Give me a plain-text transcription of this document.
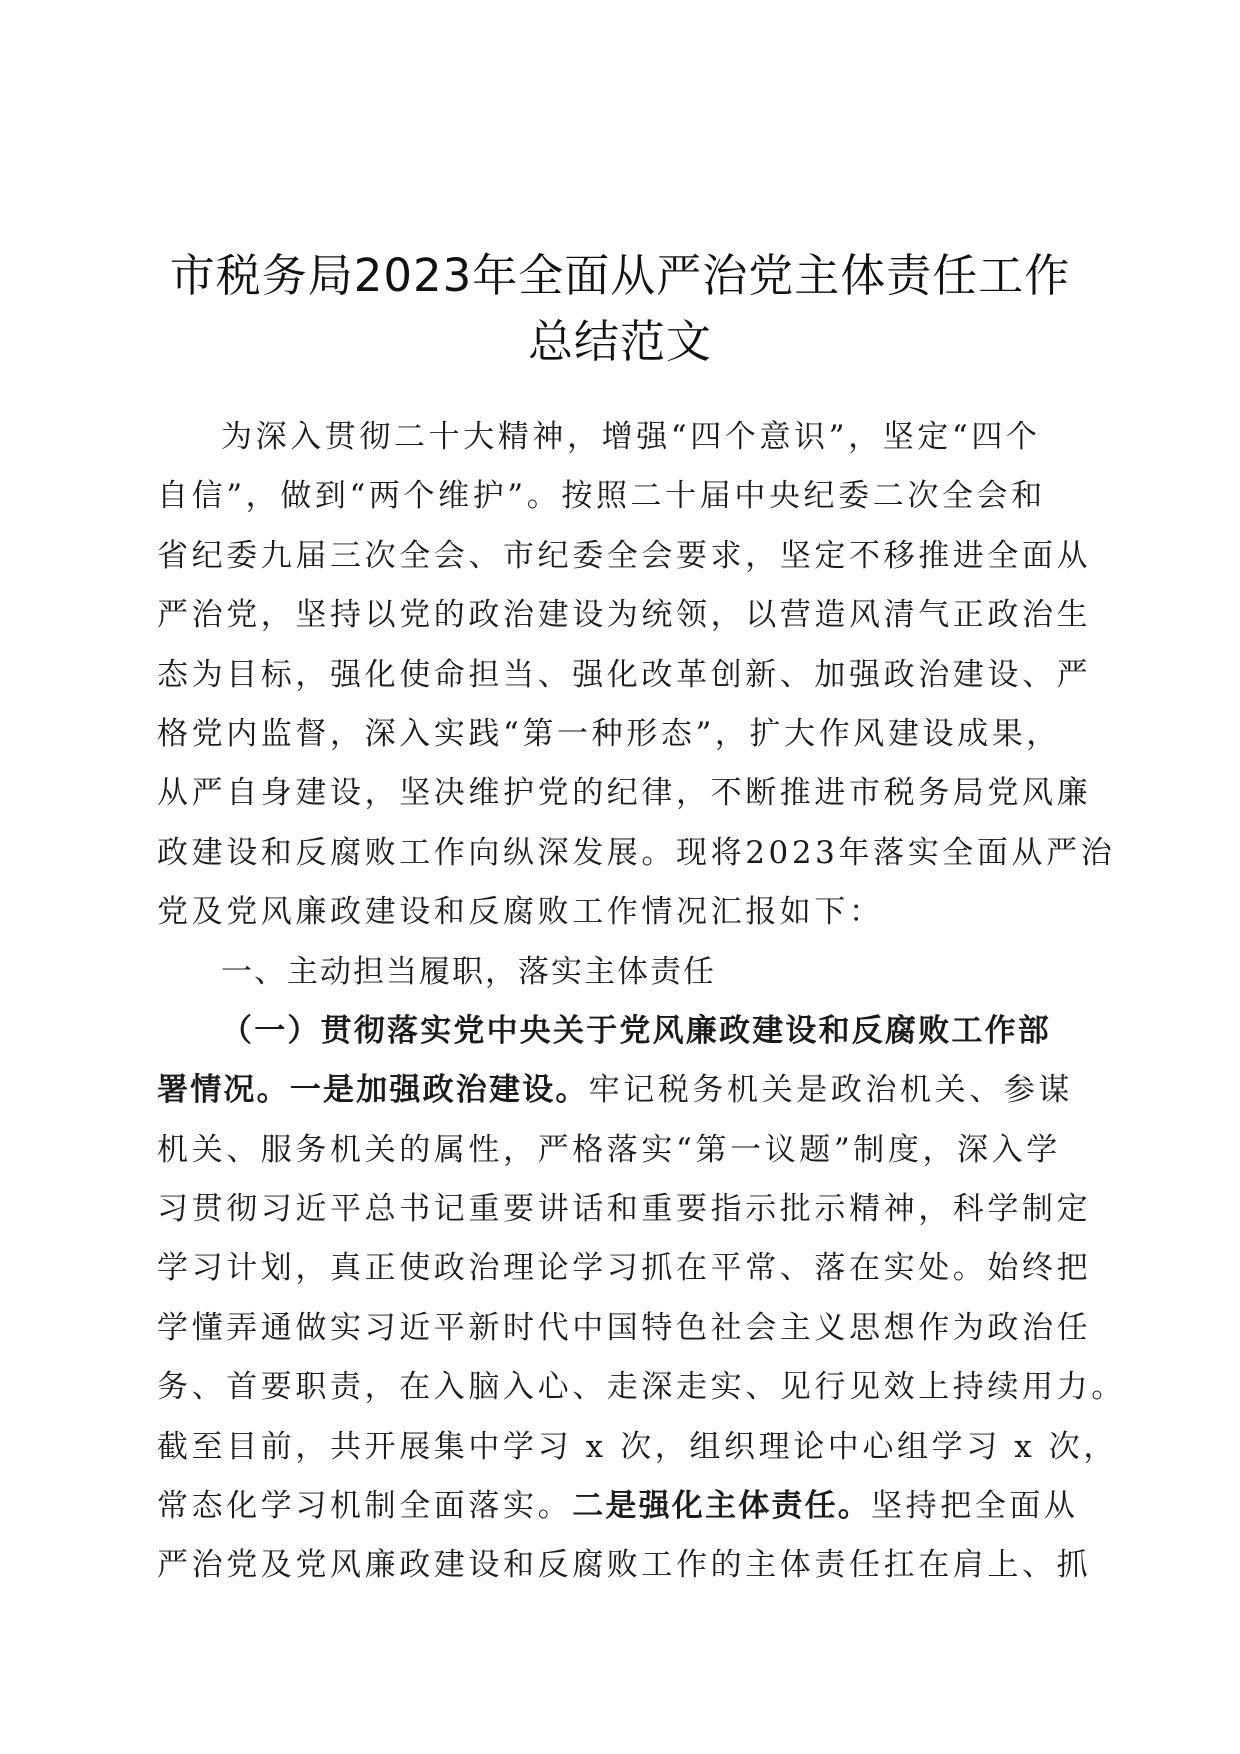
市税务局2023年全面从严治党主体责任工作
总结范文
为深入贯彻二十大精神，增强“四个意识”，坚定“四个
自信”，做到“两个维护”。按照二十届中央纪委二次全会和
省纪委九届三次全会、市纪委全会要求，坚定不移推进全面从
严治党，坚持以党的政治建设为统领，以营造风清气正政治生
态为目标，强化使命担当、强化改革创新、加强政治建设、严
格党内监督，深入实践“第一种形态”，扩大作风建设成果，
从严自身建设，坚决维护党的纪律，不断推进市税务局党风廉
政建设和反腐败工作向纵深发展。现将2023年落实全面从严治
党及党风廉政建设和反腐败工作情况汇报如下：
一、主动担当履职，落实主体责任
（一）贯彻落实党中央关于党风廉政建设和反腐败工作部
署情况。一是加强政治建设。牢记税务机关是政治机关、参谋
机关、服务机关的属性，严格落实“第一议题”制度，深入学
习贯彻习近平总书记重要讲话和重要指示批示精神，科学制定
学习计划，真正使政治理论学习抓在平常、落在实处。始终把
学懂弄通做实习近平新时代中国特色社会主义思想作为政治任
务、首要职责，在入脑入心、走深走实、见行见效上持续用力。
截至目前，共开展集中学习 x 次，组织理论中心组学习 x 次，
常态化学习机制全面落实。二是强化主体责任。坚持把全面从
严治党及党风廉政建设和反腐败工作的主体责任扛在肩上、抓
